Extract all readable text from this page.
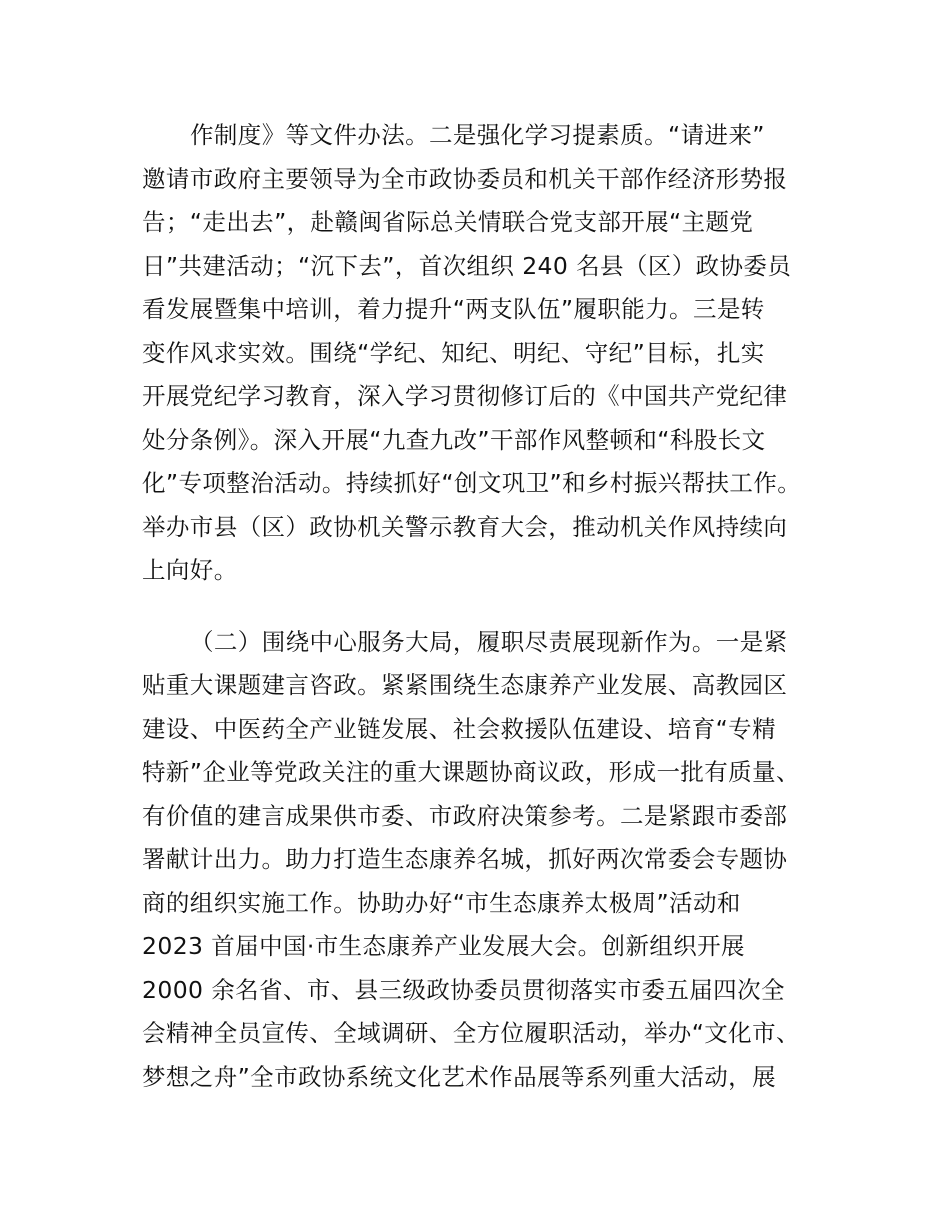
作制度》等文件办法。二是强化学习提素质。“请进来”
邀请市政府主要领导为全市政协委员和机关干部作经济形势报
告；“走出去”，赴赣闽省际总关情联合党支部开展“主题党
日”共建活动；“沉下去”，首次组织 240 名县（区）政协委员
看发展暨集中培训，着力提升“两支队伍”履职能力。三是转
变作风求实效。围绕“学纪、知纪、明纪、守纪”目标，扎实
开展党纪学习教育，深入学习贯彻修订后的《中国共产党纪律
处分条例》。深入开展“九查九改”干部作风整顿和“科股长文
化”专项整治活动。持续抓好“创文巩卫”和乡村振兴帮扶工作。
举办市县（区）政协机关警示教育大会，推动机关作风持续向
上向好。
（二）围绕中心服务大局，履职尽责展现新作为。一是紧
贴重大课题建言咨政。紧紧围绕生态康养产业发展、高教园区
建设、中医药全产业链发展、社会救援队伍建设、培育“专精
特新”企业等党政关注的重大课题协商议政，形成一批有质量、
有价值的建言成果供市委、市政府决策参考。二是紧跟市委部
署献计出力。助力打造生态康养名城，抓好两次常委会专题协
商的组织实施工作。协助办好“市生态康养太极周”活动和
2023 首届中国·市生态康养产业发展大会。创新组织开展
2000 余名省、市、县三级政协委员贯彻落实市委五届四次全
会精神全员宣传、全域调研、全方位履职活动，举办“文化市、
梦想之舟”全市政协系统文化艺术作品展等系列重大活动，展
